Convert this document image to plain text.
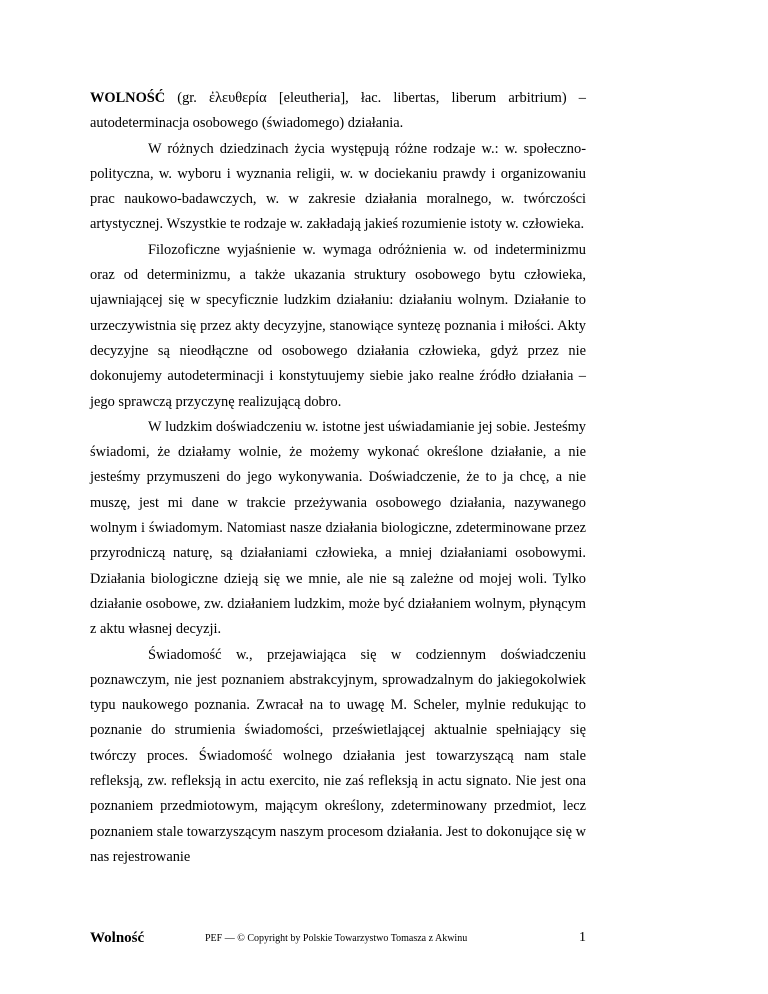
WOLNOŚĆ (gr. ἐλευθερία [eleutheria], łac. libertas, liberum arbitrium) – autodeterminacja osobowego (świadomego) działania.

W różnych dziedzinach życia występują różne rodzaje w.: w. społeczno-polityczna, w. wyboru i wyznania religii, w. w dociekaniu prawdy i organizowaniu prac naukowo-badawczych, w. w zakresie działania moralnego, w. twórczości artystycznej. Wszystkie te rodzaje w. zakładają jakieś rozumienie istoty w. człowieka.

Filozoficzne wyjaśnienie w. wymaga odróżnienia w. od indeterminizmu oraz od determinizmu, a także ukazania struktury osobowego bytu człowieka, ujawniającej się w specyficznie ludzkim działaniu: działaniu wolnym. Działanie to urzeczywistnia się przez akty decyzyjne, stanowiące syntezę poznania i miłości. Akty decyzyjne są nieodłączne od osobowego działania człowieka, gdyż przez nie dokonujemy autodeterminacji i konstytuujemy siebie jako realne źródło działania – jego sprawczą przyczynę realizującą dobro.

W ludzkim doświadczeniu w. istotne jest uświadamianie jej sobie. Jesteśmy świadomi, że działamy wolnie, że możemy wykonać określone działanie, a nie jesteśmy przymuszeni do jego wykonywania. Doświadczenie, że to ja chcę, a nie muszę, jest mi dane w trakcie przeżywania osobowego działania, nazywanego wolnym i świadomym. Natomiast nasze działania biologiczne, zdeterminowane przez przyrodniczą naturę, są działaniami człowieka, a mniej działaniami osobowymi. Działania biologiczne dzieją się we mnie, ale nie są zależne od mojej woli. Tylko działanie osobowe, zw. działaniem ludzkim, może być działaniem wolnym, płynącym z aktu własnej decyzji.

Świadomość w., przejawiająca się w codziennym doświadczeniu poznawczym, nie jest poznaniem abstrakcyjnym, sprowadzalnym do jakiegokolwiek typu naukowego poznania. Zwracał na to uwagę M. Scheler, mylnie redukując to poznanie do strumienia świadomości, prześwietlającej aktualnie spełniający się twórczy proces. Świadomość wolnego działania jest towarzyszącą nam stale refleksją, zw. refleksją in actu exercito, nie zaś refleksją in actu signato. Nie jest ona poznaniem przedmiotowym, mającym określony, zdeterminowany przedmiot, lecz poznaniem stale towarzyszącym naszym procesom działania. Jest to dokonujące się w nas rejestrowanie

Wolność	PEF — © Copyright by Polskie Towarzystwo Tomasza z Akwinu	1
